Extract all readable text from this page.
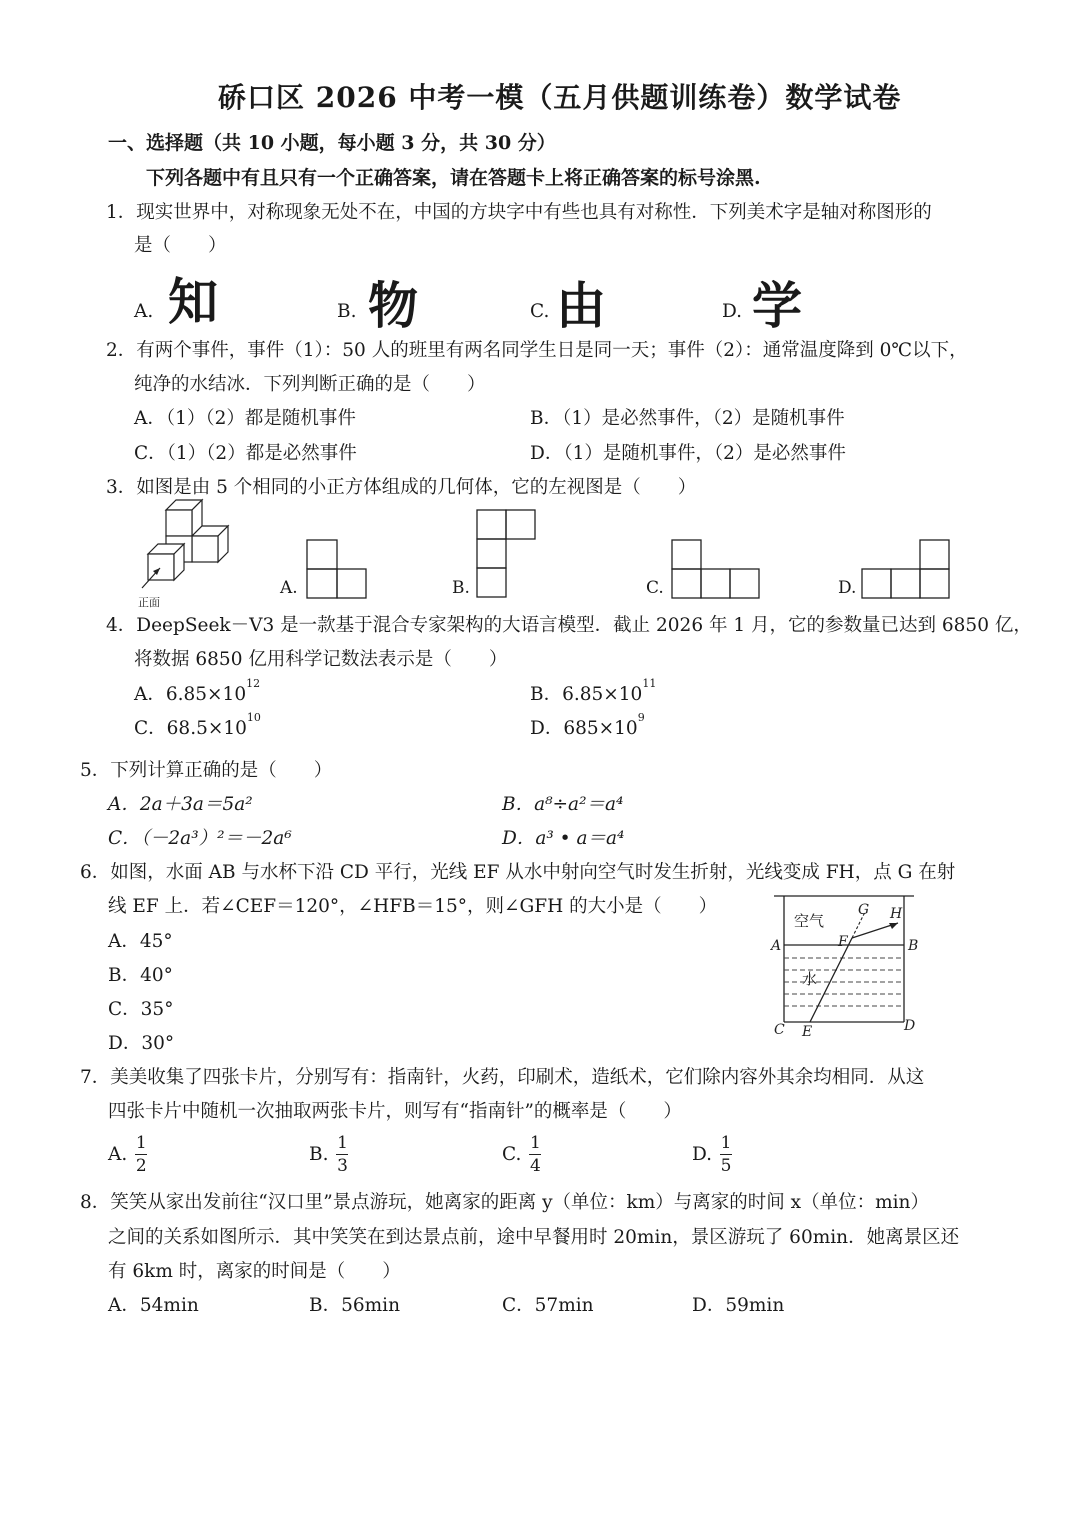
硚口区 2026 中考一模（五月供题训练卷）数学试卷
一、选择题（共 10 小题，每小题 3 分，共 30 分）
下列各题中有且只有一个正确答案，请在答题卡上将正确答案的标号涂黑.
1．现实世界中，对称现象无处不在，中国的方块字中有些也具有对称性．下列美术字是轴对称图形的
是（　　）
A. 知	B. 物	C. 由	D. 学
2．有两个事件，事件（1）：50 人的班里有两名同学生日是同一天；事件（2）：通常温度降到 0℃以下，
纯净的水结冰．下列判断正确的是（　　）
A．（1）（2）都是随机事件	B．（1）是必然事件，（2）是随机事件
C．（1）（2）都是必然事件	D．（1）是随机事件，（2）是必然事件
3．如图是由 5 个相同的小正方体组成的几何体，它的左视图是（　　）
正面
A.	B.	C.	D.
4．DeepSeek－V3 是一款基于混合专家架构的大语言模型．截止 2026 年 1 月，它的参数量已达到 6850 亿，
将数据 6850 亿用科学记数法表示是（　　）
A．$6.85\times 10^{12}$
B．$6.85\times 10^{11}$
C．$68.5\times 10^{10}$
D．$685\times 10^9$
5．下列计算正确的是（　　）
A．2a＋3a＝5a²	B．a⁸÷a²＝a⁴
C．（－2a³）²＝－2a⁶	D．a³ • a＝a⁴
6．如图，水面 AB 与水杯下沿 CD 平行，光线 EF 从水中射向空气时发生折射，光线变成 FH，点 G 在射
线 EF 上．若∠CEF＝120°，∠HFB＝15°，则∠GFH 的大小是（　　）
A．45°
B．40°
C．35°
D．30°
空气
水
G H
F
A	B
C E	D
7．美美收集了四张卡片，分别写有：指南针，火药，印刷术，造纸术，它们除内容外其余均相同．从这
四张卡片中随机一次抽取两张卡片，则写有“指南针”的概率是（　　）
A. $\frac{1}{2}$	B. $\frac{1}{3}$	C. $\frac{1}{4}$	D. $\frac{1}{5}$
8．笑笑从家出发前往“汉口里”景点游玩，她离家的距离 y（单位：km）与离家的时间 x（单位：min）
之间的关系如图所示．其中笑笑在到达景点前，途中早餐用时 20min，景区游玩了 60min．她离景区还
有 6km 时，离家的时间是（　　）
A．54min	B．56min	C．57min	D．59min
